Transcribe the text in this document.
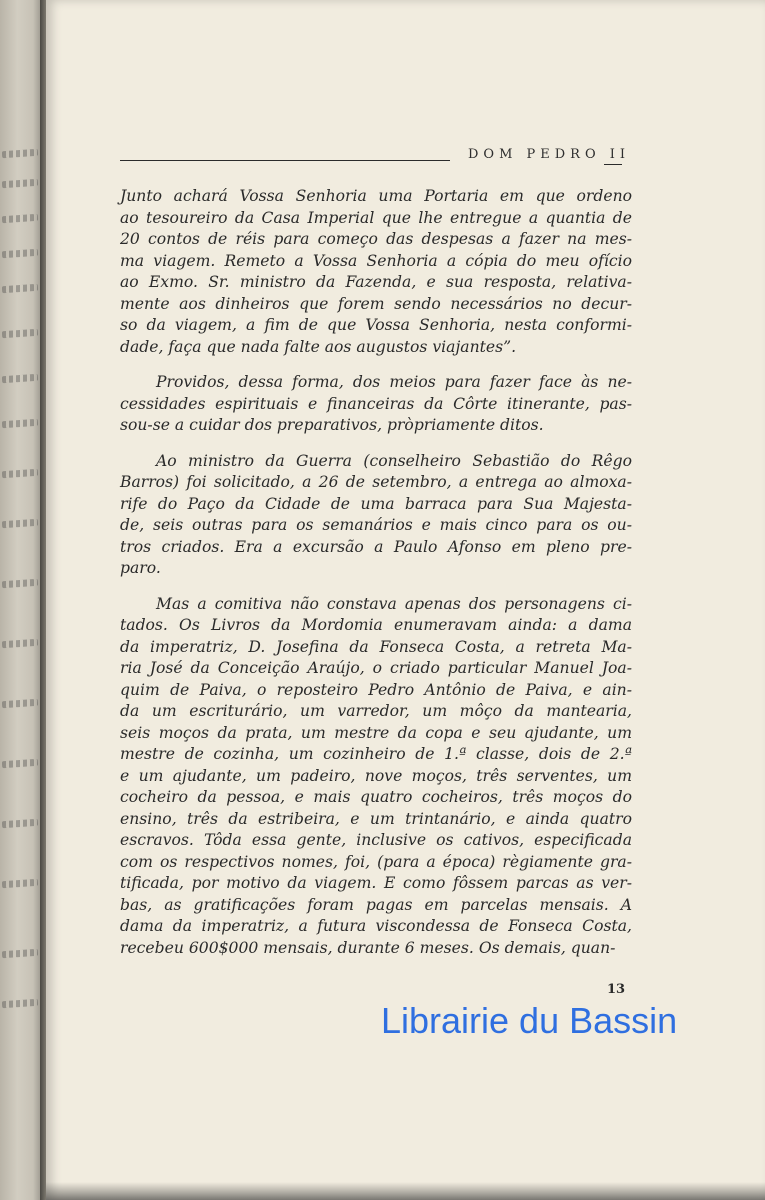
DOM PEDRO II
Junto achará Vossa Senhoria uma Portaria em que ordeno
ao tesoureiro da Casa Imperial que lhe entregue a quantia de
20 contos de réis para começo das despesas a fazer na mes-
ma viagem. Remeto a Vossa Senhoria a cópia do meu ofício
ao Exmo. Sr. ministro da Fazenda, e sua resposta, relativa-
mente aos dinheiros que forem sendo necessários no decur-
so da viagem, a fim de que Vossa Senhoria, nesta conformi-
dade, faça que nada falte aos augustos viajantes”.
Providos, dessa forma, dos meios para fazer face às ne-
cessidades espirituais e financeiras da Côrte itinerante, pas-
sou-se a cuidar dos preparativos, pròpriamente ditos.
Ao ministro da Guerra (conselheiro Sebastião do Rêgo
Barros) foi solicitado, a 26 de setembro, a entrega ao almoxa-
rife do Paço da Cidade de uma barraca para Sua Majesta-
de, seis outras para os semanários e mais cinco para os ou-
tros criados. Era a excursão a Paulo Afonso em pleno pre-
paro.
Mas a comitiva não constava apenas dos personagens ci-
tados. Os Livros da Mordomia enumeravam ainda: a dama
da imperatriz, D. Josefina da Fonseca Costa, a retreta Ma-
ria José da Conceição Araújo, o criado particular Manuel Joa-
quim de Paiva, o reposteiro Pedro Antônio de Paiva, e ain-
da um escriturário, um varredor, um môço da mantearia,
seis moços da prata, um mestre da copa e seu ajudante, um
mestre de cozinha, um cozinheiro de 1.ª classe, dois de 2.ª
e um ajudante, um padeiro, nove moços, três serventes, um
cocheiro da pessoa, e mais quatro cocheiros, três moços do
ensino, três da estribeira, e um trintanário, e ainda quatro
escravos. Tôda essa gente, inclusive os cativos, especificada
com os respectivos nomes, foi, (para a época) règiamente gra-
tificada, por motivo da viagem. E como fôssem parcas as ver-
bas, as gratificações foram pagas em parcelas mensais. A
dama da imperatriz, a futura viscondessa de Fonseca Costa,
recebeu 600$000 mensais, durante 6 meses. Os demais, quan-
13
Librairie du Bassin
